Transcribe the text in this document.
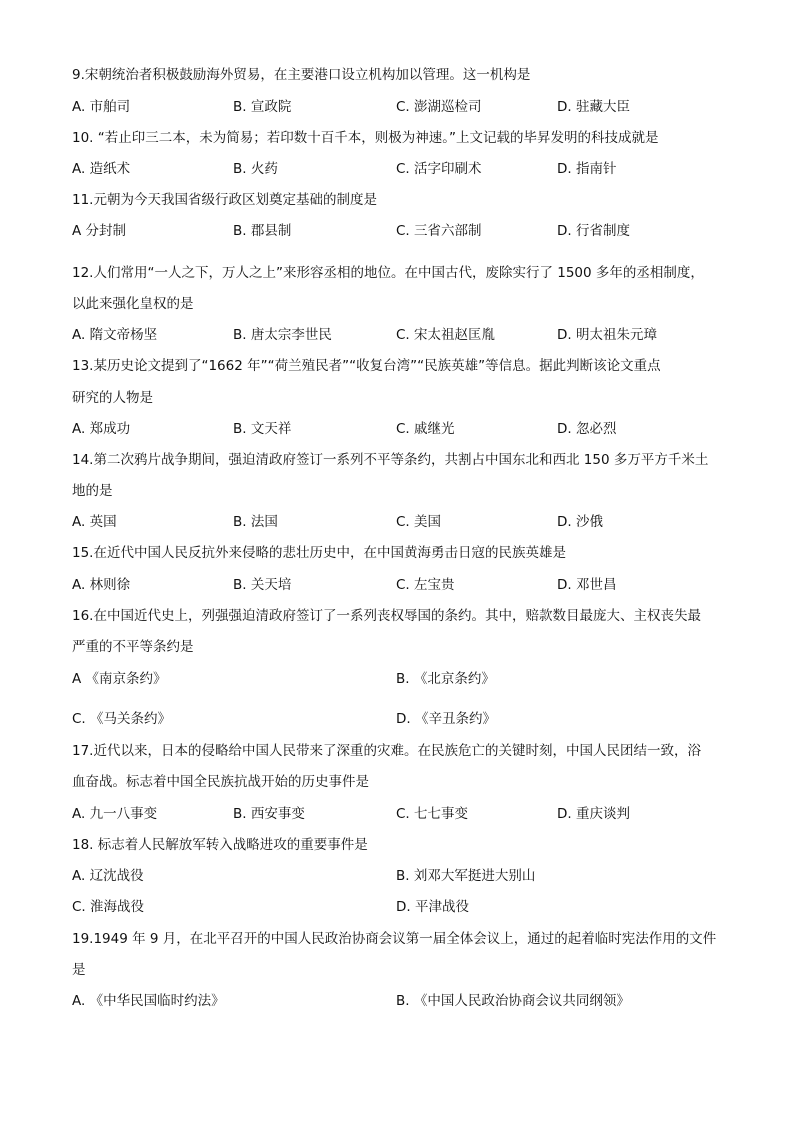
9.宋朝统治者积极鼓励海外贸易，在主要港口设立机构加以管理。这一机构是
A. 市舶司	B. 宣政院	C. 澎湖巡检司	D. 驻藏大臣
10. “若止印三二本，未为简易；若印数十百千本，则极为神速。”上文记载的毕昇发明的科技成就是
A. 造纸术	B. 火药	C. 活字印刷术	D. 指南针
11.元朝为今天我国省级行政区划奠定基础的制度是
A 分封制	B. 郡县制	C. 三省六部制	D. 行省制度
12.人们常用“一人之下，万人之上”来形容丞相的地位。在中国古代，废除实行了 1500 多年的丞相制度，
以此来强化皇权的是
A. 隋文帝杨坚	B. 唐太宗李世民	C. 宋太祖赵匡胤	D. 明太祖朱元璋
13.某历史论文提到了“1662 年”“荷兰殖民者”“收复台湾”“民族英雄”等信息。据此判断该论文重点
研究的人物是
A. 郑成功	B. 文天祥	C. 戚继光	D. 忽必烈
14.第二次鸦片战争期间，强迫清政府签订一系列不平等条约，共割占中国东北和西北 150 多万平方千米土
地的是
A. 英国	B. 法国	C. 美国	D. 沙俄
15.在近代中国人民反抗外来侵略的悲壮历史中，在中国黄海勇击日寇的民族英雄是
A. 林则徐	B. 关天培	C. 左宝贵	D. 邓世昌
16.在中国近代史上，列强强迫清政府签订了一系列丧权辱国的条约。其中，赔款数目最庞大、主权丧失最
严重的不平等条约是
A 《南京条约》	B. 《北京条约》
C. 《马关条约》	D. 《辛丑条约》
17.近代以来，日本的侵略给中国人民带来了深重的灾难。在民族危亡的关键时刻，中国人民团结一致，浴
血奋战。标志着中国全民族抗战开始的历史事件是
A. 九一八事变	B. 西安事变	C. 七七事变	D. 重庆谈判
18. 标志着人民解放军转入战略进攻的重要事件是
A. 辽沈战役	B. 刘邓大军挺进大别山
C. 淮海战役	D. 平津战役
19.1949 年 9 月，在北平召开的中国人民政治协商会议第一届全体会议上，通过的起着临时宪法作用的文件
是
A. 《中华民国临时约法》	B. 《中国人民政治协商会议共同纲领》
